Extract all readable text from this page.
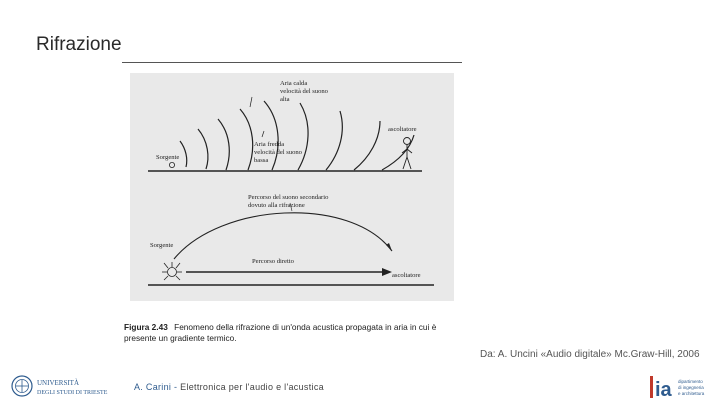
Rifrazione
Aria calda
velocità del suono
alta
Aria fredda
velocità del suono
bassa
Sorgente
ascoltatore
Percorso del suono secondario
dovuto alla rifrazione
Sorgente
Percorso diretto
ascoltatore
Figura 2.43 Fenomeno della rifrazione di un'onda acustica propagata in aria in cui è presente un gradiente termico.
Da: A. Uncini «Audio digitale» Mc.Graw-Hill, 2006
UNIVERSITÀ
DEGLI STUDI DI TRIESTE
A. Carini - Elettronica per l'audio e l'acustica	ia dipartimento
di ingegneria
e architettura
